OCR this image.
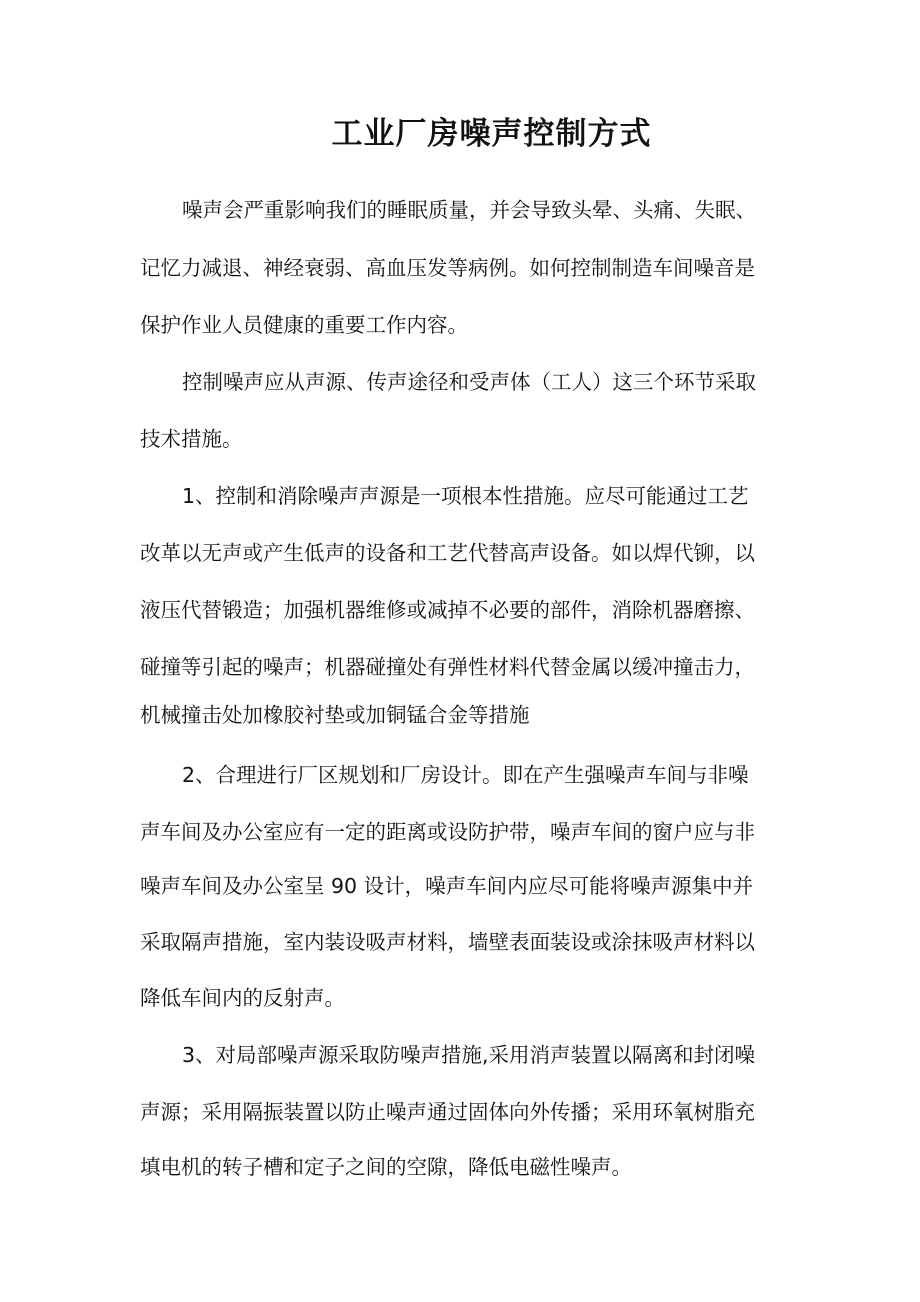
工业厂房噪声控制方式
噪声会严重影响我们的睡眠质量，并会导致头晕、头痛、失眠、
记忆力减退、神经衰弱、高血压发等病例。如何控制制造车间噪音是
保护作业人员健康的重要工作内容。
控制噪声应从声源、传声途径和受声体（工人）这三个环节采取
技术措施。
1、控制和消除噪声声源是一项根本性措施。应尽可能通过工艺
改革以无声或产生低声的设备和工艺代替高声设备。如以焊代铆，以
液压代替锻造；加强机器维修或减掉不必要的部件，消除机器磨擦、
碰撞等引起的噪声；机器碰撞处有弹性材料代替金属以缓冲撞击力，
机械撞击处加橡胶衬垫或加铜锰合金等措施
2、合理进行厂区规划和厂房设计。即在产生强噪声车间与非噪
声车间及办公室应有一定的距离或设防护带，噪声车间的窗户应与非
噪声车间及办公室呈 90 设计，噪声车间内应尽可能将噪声源集中并
采取隔声措施，室内装设吸声材料，墙壁表面装设或涂抹吸声材料以
降低车间内的反射声。
3、对局部噪声源采取防噪声措施,采用消声装置以隔离和封闭噪
声源；采用隔振装置以防止噪声通过固体向外传播；采用环氧树脂充
填电机的转子槽和定子之间的空隙，降低电磁性噪声。
